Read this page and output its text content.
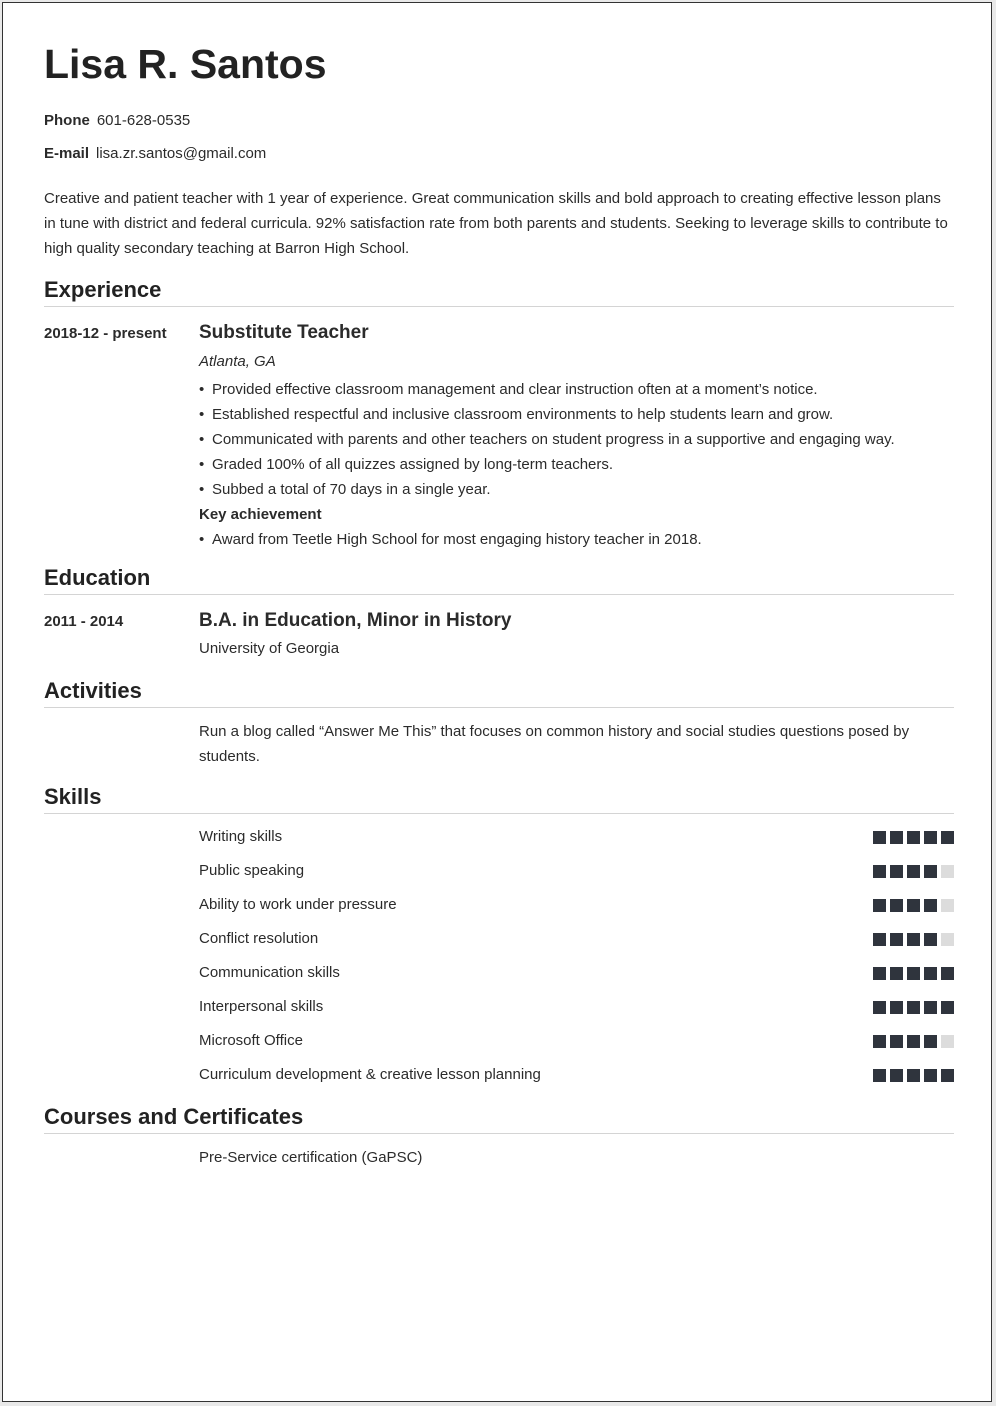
Lisa R. Santos
Phone 601-628-0535
E-mail lisa.zr.santos@gmail.com

Creative and patient teacher with 1 year of experience. Great communication skills and bold approach to creating effective lesson plans in tune with district and federal curricula. 92% satisfaction rate from both parents and students. Seeking to leverage skills to contribute to high quality secondary teaching at Barron High School.

Experience
2018-12 - present Substitute Teacher

Atlanta, GA

• Provided effective classroom management and clear instruction often at a moment’s notice.
• Established respectful and inclusive classroom environments to help students learn and grow.
• Communicated with parents and other teachers on student progress in a supportive and engaging way.
• Graded 100% of all quizzes assigned by long-term teachers.
• Subbed a total of 70 days in a single year.

Key achievement

• Award from Teetle High School for most engaging history teacher in 2018.
Education
2011 - 2014	B.A. in Education, Minor in History

University of Georgia

Activities

Run a blog called “Answer Me This” that focuses on common history and social studies questions posed by students.

Skills
Writing skills
Public speaking
Ability to work under pressure
Conflict resolution
Communication skills
Interpersonal skills
Microsoft Office
Curriculum development & creative lesson planning
Courses and Certificates

Pre-Service certification (GaPSC)
